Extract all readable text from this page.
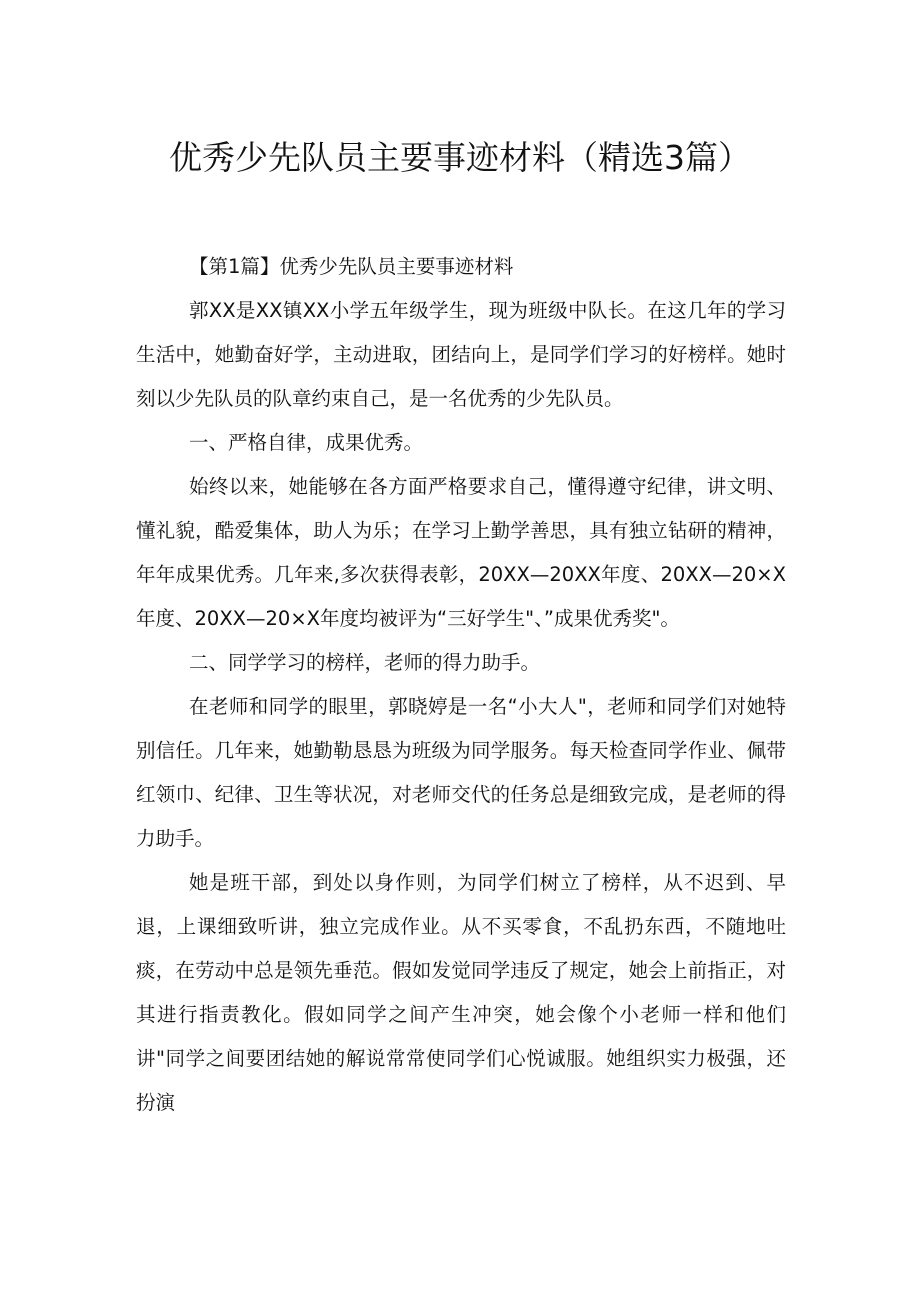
优秀少先队员主要事迹材料（精选3篇）

【第1篇】优秀少先队员主要事迹材料

郭XX是XX镇XX小学五年级学生，现为班级中队长。在这几年的学习生活中，她勤奋好学，主动进取，团结向上，是同学们学习的好榜样。她时刻以少先队员的队章约束自己，是一名优秀的少先队员。

一、严格自律，成果优秀。

始终以来，她能够在各方面严格要求自己，懂得遵守纪律，讲文明、懂礼貌，酷爱集体，助人为乐；在学习上勤学善思，具有独立钻研的精神，年年成果优秀。几年来,多次获得表彰，20XX—20XX年度、20XX—20×X年度、20XX—20×X年度均被评为“三好学生"、”成果优秀奖"。

二、同学学习的榜样，老师的得力助手。

在老师和同学的眼里，郭晓婷是一名“小大人"，老师和同学们对她特别信任。几年来，她勤勒恳恳为班级为同学服务。每天检查同学作业、佩带红领巾、纪律、卫生等状况，对老师交代的任务总是细致完成，是老师的得力助手。

她是班干部，到处以身作则，为同学们树立了榜样，从不迟到、早退，上课细致听讲，独立完成作业。从不买零食，不乱扔东西，不随地吐痰，在劳动中总是领先垂范。假如发觉同学违反了规定，她会上前指正，对其进行指责教化。假如同学之间产生冲突，她会像个小老师一样和他们讲"同学之间要团结她的解说常常使同学们心悦诚服。她组织实力极强，还扮演
